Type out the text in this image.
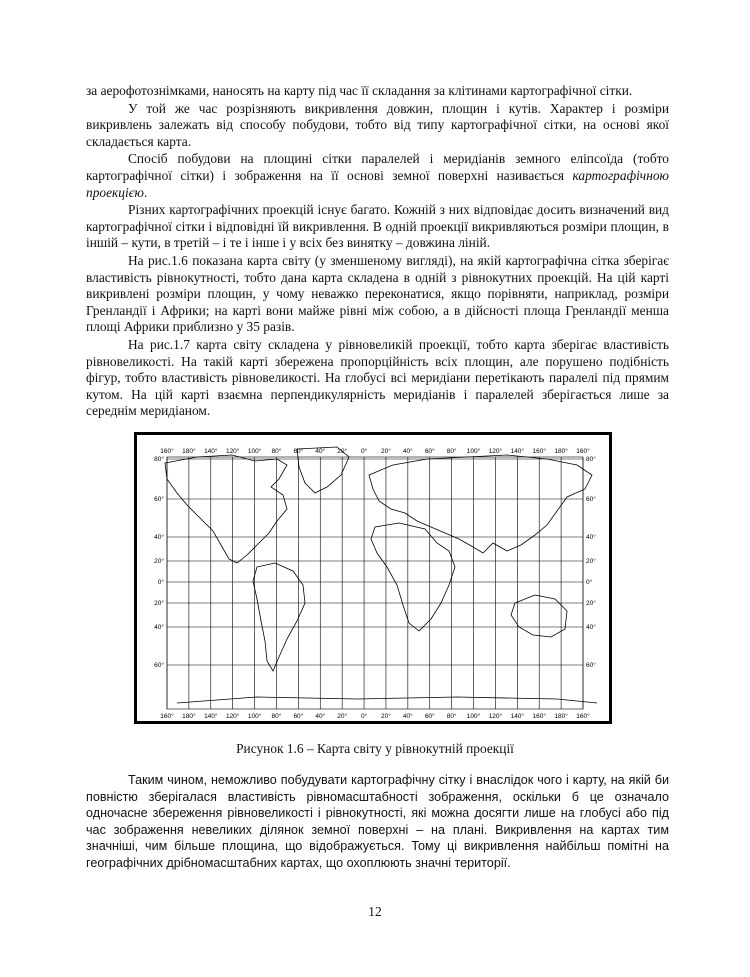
за аерофотознімками, наносять на карту під час її складання за клітинами картографічної сітки.

У той же час розрізняють викривлення довжин, площин і кутів. Характер і розміри викривлень залежать від способу побудови, тобто від типу картографічної сітки, на основі якої складається карта.

Спосіб побудови на площині сітки паралелей і меридіанів земного еліпсоїда (тобто картографічної сітки) і зображення на її основі земної поверхні називається картографічною проекцією.

Різних картографічних проекцій існує багато. Кожній з них відповідає досить визначений вид картографічної сітки і відповідні їй викривлення. В одній проекції викривляються розміри площин, в іншій – кути, в третій – і те і інше і у всіх без винятку – довжина ліній.

На рис.1.6 показана карта світу (у зменшеному вигляді), на якій картографічна сітка зберігає властивість рівнокутності, тобто дана карта складена в одній з рівнокутних проекцій. На цій карті викривлені розміри площин, у чому неважко переконатися, якщо порівняти, наприклад, розміри Гренландії і Африки; на карті вони майже рівні між собою, а в дійсності площа Гренландії менша площі Африки приблизно у 35 разів.

На рис.1.7 карта світу складена у рівновеликій проекції, тобто карта зберігає властивість рівновеликості. На такій карті збережена пропорційність всіх площин, але порушено подібність фігур, тобто властивість рівновеликості. На глобусі всі меридіани перетікають паралелі під прямим кутом. На цій карті взаємна перпендикулярність меридіанів і паралелей зберігається лише за середнім меридіаном.

160°
160°
180°
180°
140°
140°
120°
120°
100°
100°
80°
80°
60°
60°
40°
40°
20°
20°
0°
0°
20°
20°
40°
40°
60°
60°
80°
80°
100°
100°
120°
120°
140°
140°
160°
160°
180°
180°
160°
160°
80°	80°
60°	60°
40°	40°
20°	20°
0°	0°
20°	20°
40°	40°
60°	60°
Рисунок 1.6 – Карта світу у рівнокутній проекції

Таким чином, неможливо побудувати картографічну сітку і внаслідок чого і карту, на якій би повністю зберігалася властивість рівномасштабності зображення, оскільки б це означало одночасне збереження рівновеликості і рівнокутності, які можна досягти лише на глобусі або під час зображення невеликих ділянок земної поверхні – на плані. Викривлення на картах тим значніші, чим більше площина, що відображується. Тому ці викривлення найбільш помітні на географічних дрібномасштабних картах, що охоплюють значні території.

12
